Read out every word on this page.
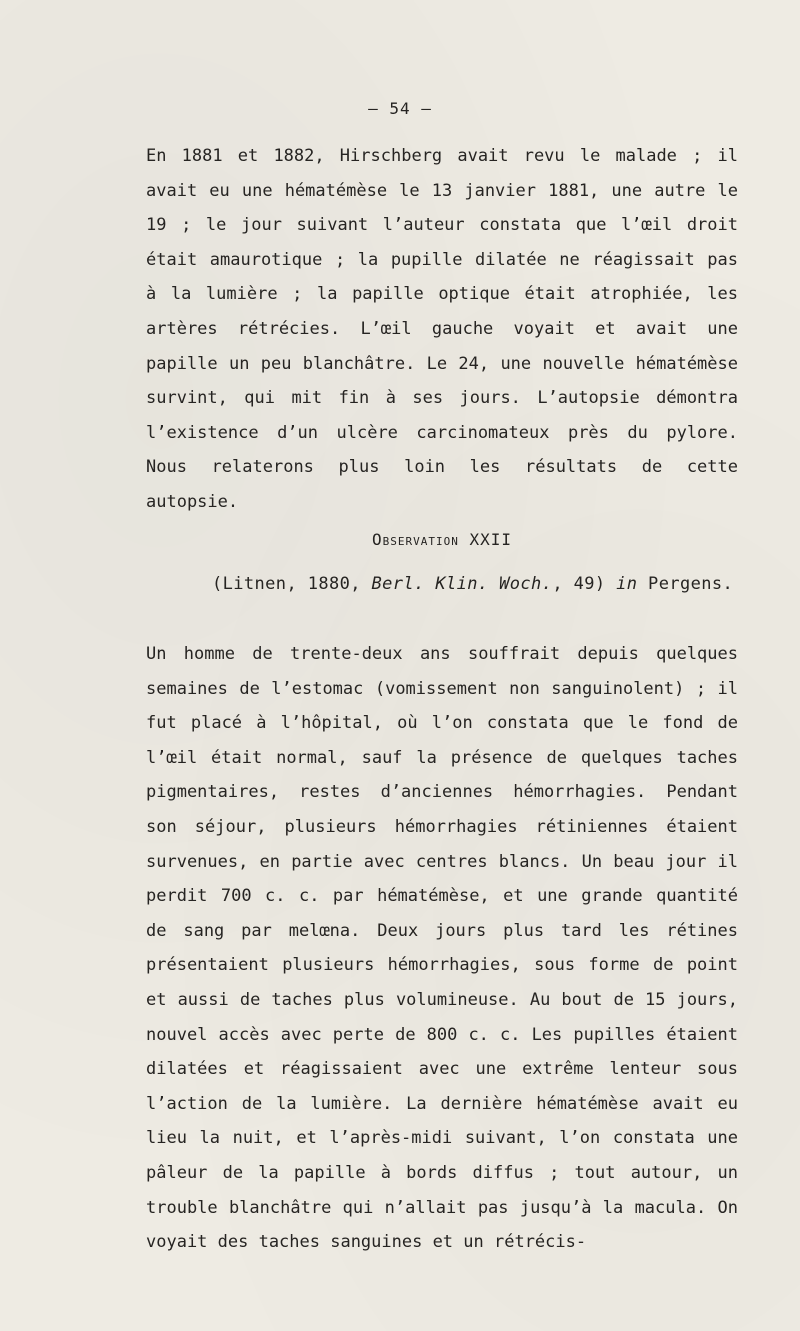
— 54 —

En 1881 et 1882, Hirschberg avait revu le malade ; il avait eu une hématémèse le 13 janvier 1881, une autre le 19 ; le jour suivant l’auteur constata que l’œil droit était amaurotique ; la pupille dilatée ne réagissait pas à la lumière ; la papille optique était atrophiée, les artères rétrécies. L’œil gauche voyait et avait une papille un peu blanchâtre. Le 24, une nouvelle hématémèse survint, qui mit fin à ses jours. L’autopsie démontra l’existence d’un ulcère carcinomateux près du pylore. Nous relaterons plus loin les résultats de cette autopsie.

Observation XXII
(Litnen, 1880, Berl. Klin. Woch., 49) in Pergens.

Un homme de trente-deux ans souffrait depuis quelques semaines de l’estomac (vomissement non sanguinolent) ; il fut placé à l’hôpital, où l’on constata que le fond de l’œil était normal, sauf la présence de quelques taches pigmentaires, restes d’anciennes hémorrhagies. Pendant son séjour, plusieurs hémorrhagies rétiniennes étaient survenues, en partie avec centres blancs. Un beau jour il perdit 700 c. c. par hématémèse, et une grande quantité de sang par melœna. Deux jours plus tard les rétines présentaient plusieurs hémorrhagies, sous forme de point et aussi de taches plus volumineuse. Au bout de 15 jours, nouvel accès avec perte de 800 c. c. Les pupilles étaient dilatées et réagissaient avec une extrême lenteur sous l’action de la lumière. La dernière hématémèse avait eu lieu la nuit, et l’après-midi suivant, l’on constata une pâleur de la papille à bords diffus ; tout autour, un trouble blanchâtre qui n’allait pas jusqu’à la macula. On voyait des taches sanguines et un rétrécis-
